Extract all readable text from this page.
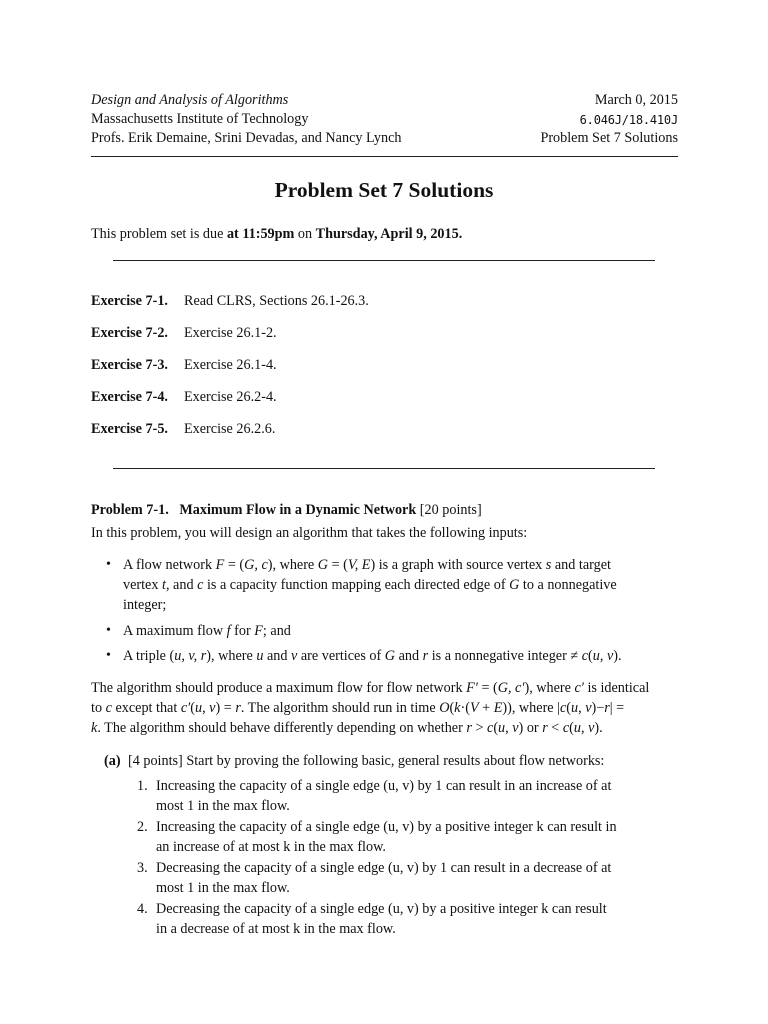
Design and Analysis of Algorithms
Massachusetts Institute of Technology
Profs. Erik Demaine, Srini Devadas, and Nancy Lynch
March 0, 2015
6.046J/18.410J
Problem Set 7 Solutions
Problem Set 7 Solutions
This problem set is due at 11:59pm on Thursday, April 9, 2015.
Exercise 7-1. Read CLRS, Sections 26.1-26.3.
Exercise 7-2. Exercise 26.1-2.
Exercise 7-3. Exercise 26.1-4.
Exercise 7-4. Exercise 26.2-4.
Exercise 7-5. Exercise 26.2.6.
Problem 7-1. Maximum Flow in a Dynamic Network [20 points]
In this problem, you will design an algorithm that takes the following inputs:
• A flow network F = (G, c), where G = (V, E) is a graph with source vertex s and target
vertex t, and c is a capacity function mapping each directed edge of G to a nonnegative
integer;
• A maximum flow f for F; and
• A triple (u, v, r), where u and v are vertices of G and r is a nonnegative integer ≠ c(u, v).
The algorithm should produce a maximum flow for flow network F′ = (G, c′), where c′ is identical
to c except that c′(u, v) = r. The algorithm should run in time O(k·(V + E)), where |c(u, v)−r| =
k. The algorithm should behave differently depending on whether r > c(u, v) or r < c(u, v).
(a) [4 points] Start by proving the following basic, general results about flow networks:
1. Increasing the capacity of a single edge (u, v) by 1 can result in an increase of at
most 1 in the max flow.
2. Increasing the capacity of a single edge (u, v) by a positive integer k can result in
an increase of at most k in the max flow.
3. Decreasing the capacity of a single edge (u, v) by 1 can result in a decrease of at
most 1 in the max flow.
4. Decreasing the capacity of a single edge (u, v) by a positive integer k can result
in a decrease of at most k in the max flow.
